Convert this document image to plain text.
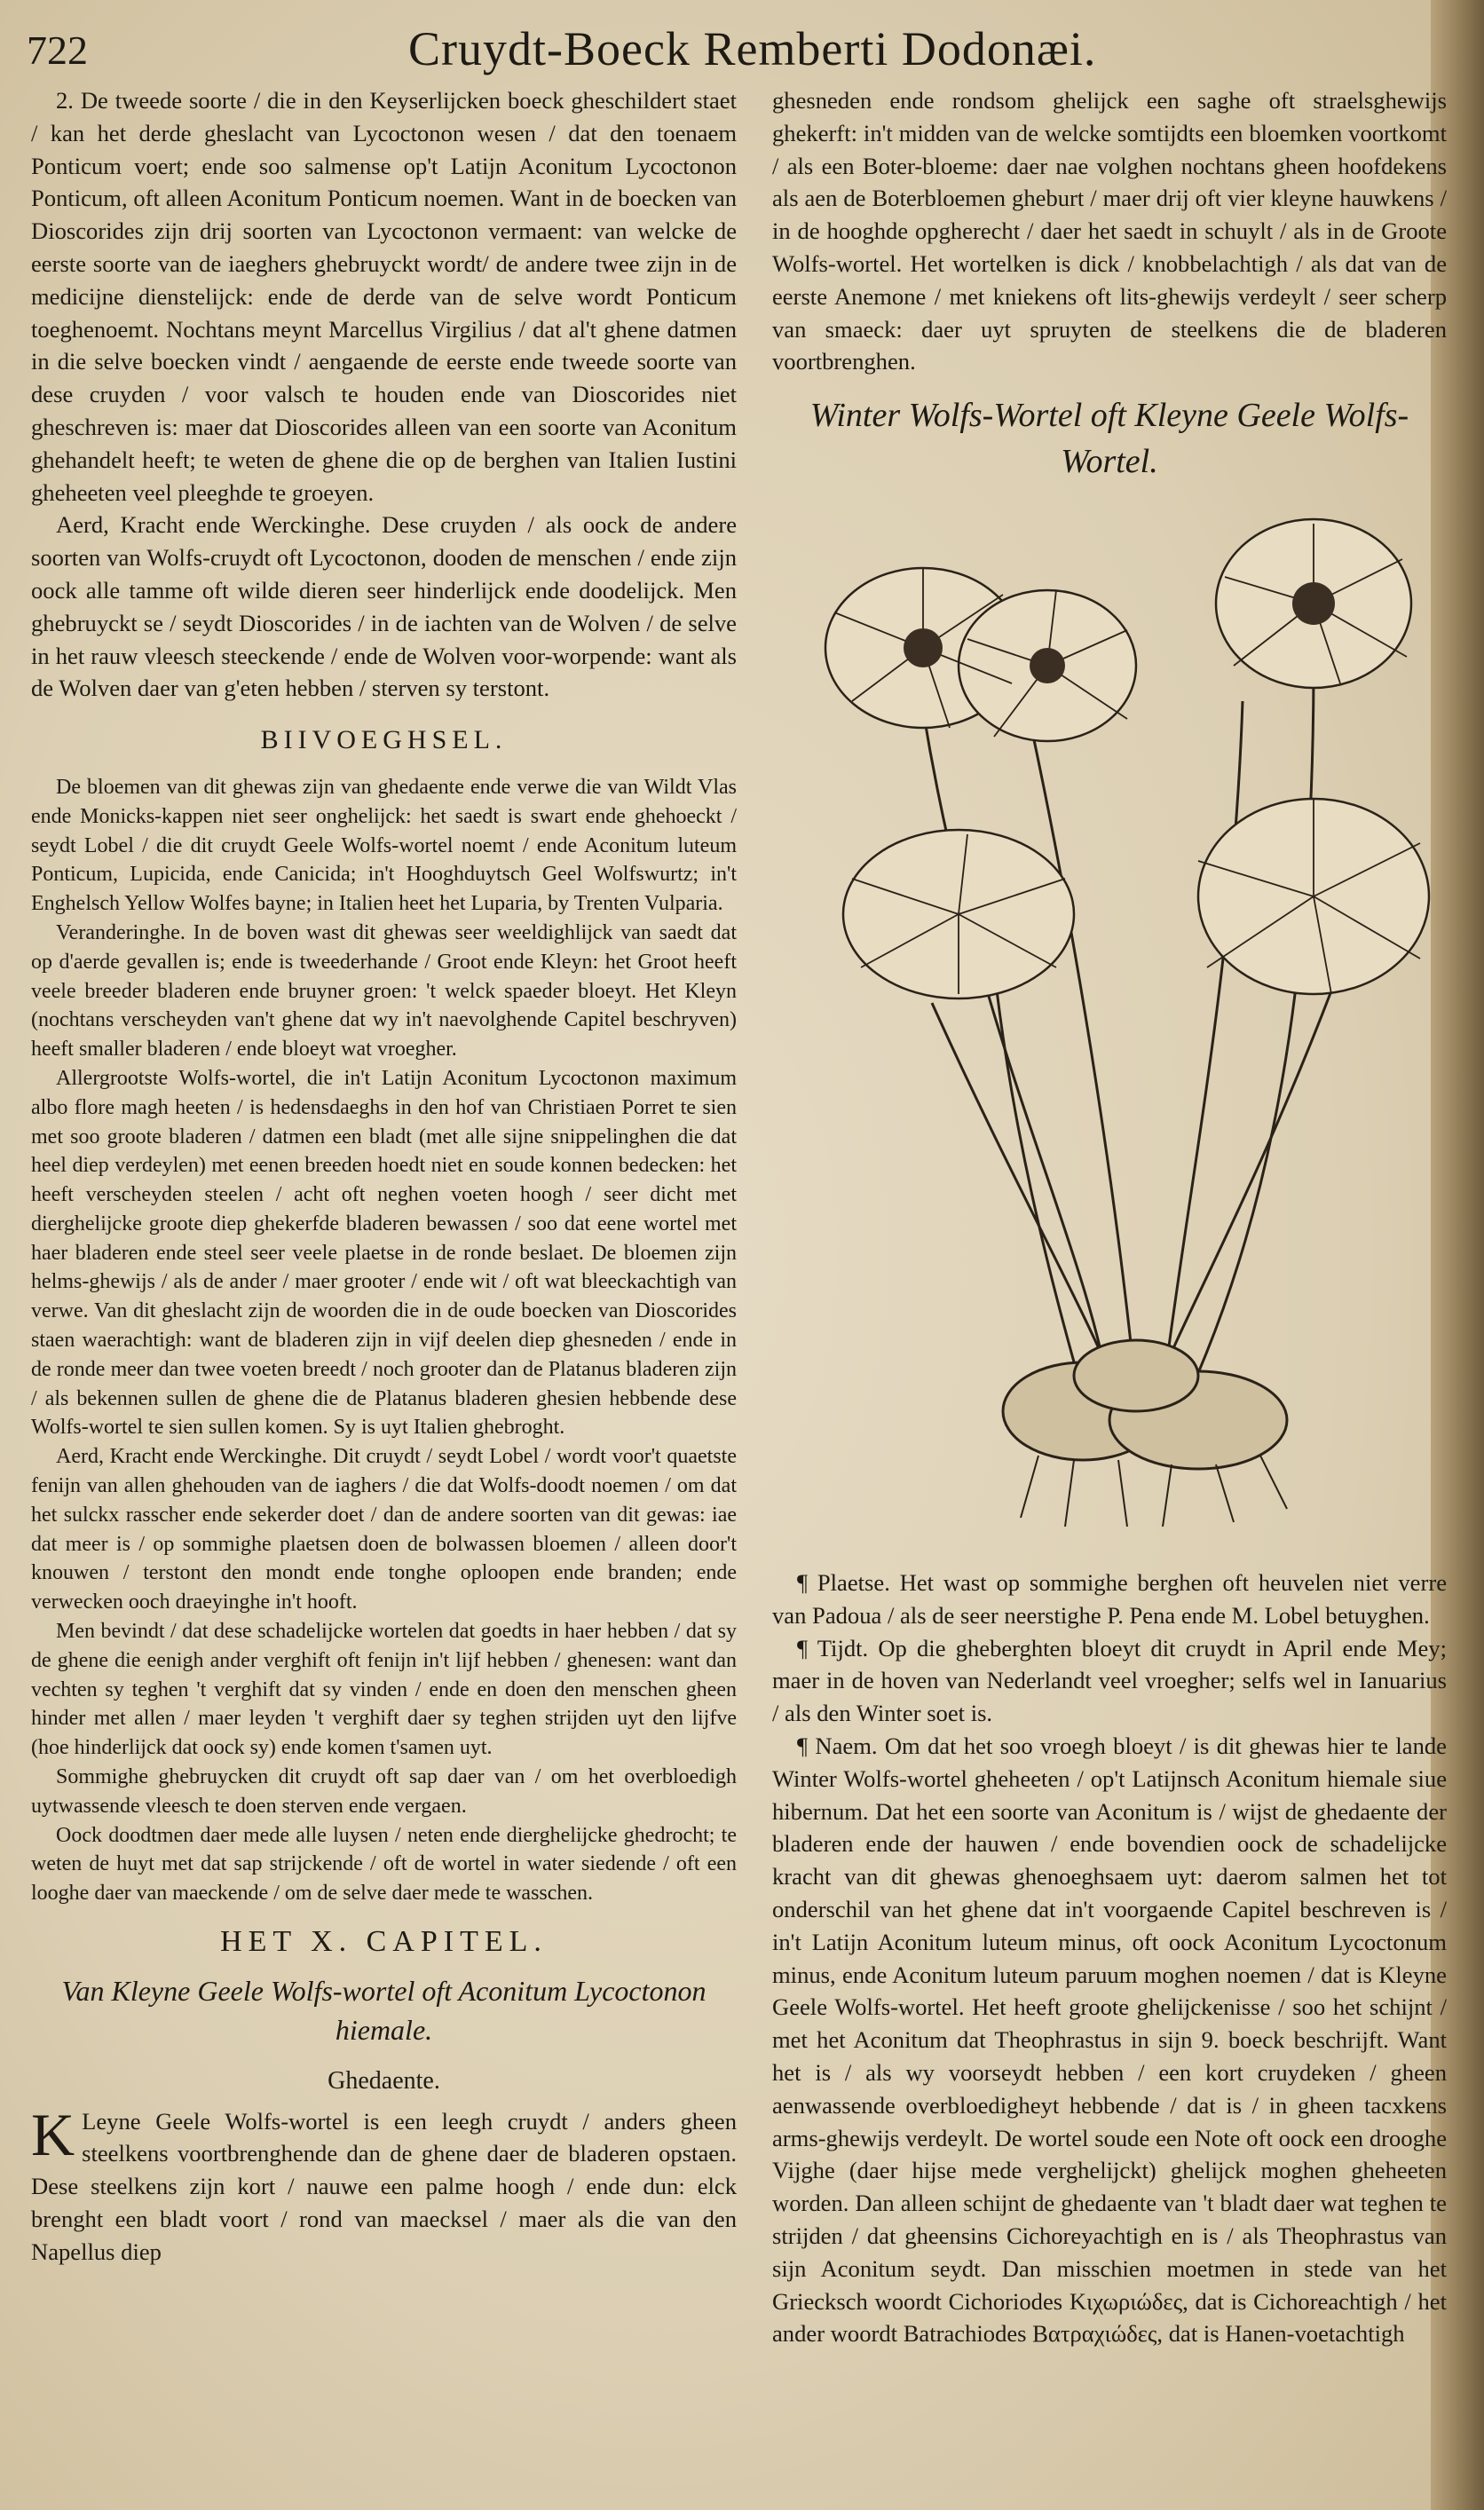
722	Cruydt-Boeck Remberti Dodonæi.

2. De tweede soorte / die in den Keyserlijcken boeck gheschildert staet / kan het derde gheslacht van Lycoctonon wesen / dat den toenaem Ponticum voert; ende soo salmense op't Latijn Aconitum Lycoctonon Ponticum, oft alleen Aconitum Ponticum noemen. Want in de boecken van Dioscorides zijn drij soorten van Lycoctonon vermaent: van welcke de eerste soorte van de iaeghers ghebruyckt wordt/ de andere twee zijn in de medicijne dienstelijck: ende de derde van de selve wordt Ponticum toeghenoemt. Nochtans meynt Marcellus Virgilius / dat al't ghene datmen in die selve boecken vindt / aengaende de eerste ende tweede soorte van dese cruyden / voor valsch te houden ende van Dioscorides niet gheschreven is: maer dat Dioscorides alleen van een soorte van Aconitum ghehandelt heeft; te weten de ghene die op de berghen van Italien Iustini gheheeten veel pleeghde te groeyen.

Aerd, Kracht ende Werckinghe. Dese cruyden / als oock de andere soorten van Wolfs-cruydt oft Lycoctonon, dooden de menschen / ende zijn oock alle tamme oft wilde dieren seer hinderlijck ende doodelijck. Men ghebruyckt se / seydt Dioscorides / in de iachten van de Wolven / de selve in het rauw vleesch steeckende / ende de Wolven voor-worpende: want als de Wolven daer van g'eten hebben / sterven sy terstont.

BIIVOEGHSEL.

De bloemen van dit ghewas zijn van ghedaente ende verwe die van Wildt Vlas ende Monicks-kappen niet seer onghelijck: het saedt is swart ende ghehoeckt / seydt Lobel / die dit cruydt Geele Wolfs-wortel noemt / ende Aconitum luteum Ponticum, Lupicida, ende Canicida; in't Hooghduytsch Geel Wolfswurtz; in't Enghelsch Yellow Wolfes bayne; in Italien heet het Luparia, by Trenten Vulparia.

Veranderinghe. In de boven wast dit ghewas seer weeldighlijck van saedt dat op d'aerde gevallen is; ende is tweederhande / Groot ende Kleyn: het Groot heeft veele breeder bladeren ende bruyner groen: 't welck spaeder bloeyt. Het Kleyn (nochtans verscheyden van't ghene dat wy in't naevolghende Capitel beschryven) heeft smaller bladeren / ende bloeyt wat vroegher.

Allergrootste Wolfs-wortel, die in't Latijn Aconitum Lycoctonon maximum albo flore magh heeten / is hedensdaeghs in den hof van Christiaen Porret te sien met soo groote bladeren / datmen een bladt (met alle sijne snippelinghen die dat heel diep verdeylen) met eenen breeden hoedt niet en soude konnen bedecken: het heeft verscheyden steelen / acht oft neghen voeten hoogh / seer dicht met dierghelijcke groote diep ghekerfde bladeren bewassen / soo dat eene wortel met haer bladeren ende steel seer veele plaetse in de ronde beslaet. De bloemen zijn helms-ghewijs / als de ander / maer grooter / ende wit / oft wat bleeckachtigh van verwe. Van dit gheslacht zijn de woorden die in de oude boecken van Dioscorides staen waerachtigh: want de bladeren zijn in vijf deelen diep ghesneden / ende in de ronde meer dan twee voeten breedt / noch grooter dan de Platanus bladeren zijn / als bekennen sullen de ghene die de Platanus bladeren ghesien hebbende dese Wolfs-wortel te sien sullen komen. Sy is uyt Italien ghebroght.

Aerd, Kracht ende Werckinghe. Dit cruydt / seydt Lobel / wordt voor't quaetste fenijn van allen ghehouden van de iaghers / die dat Wolfs-doodt noemen / om dat het sulckx rasscher ende sekerder doet / dan de andere soorten van dit gewas: iae dat meer is / op sommighe plaetsen doen de bolwassen bloemen / alleen door't knouwen / terstont den mondt ende tonghe oploopen ende branden; ende verwecken ooch draeyinghe in't hooft.

Men bevindt / dat dese schadelijcke wortelen dat goedts in haer hebben / dat sy de ghene die eenigh ander verghift oft fenijn in't lijf hebben / ghenesen: want dan vechten sy teghen 't verghift dat sy vinden / ende en doen den menschen gheen hinder met allen / maer leyden 't verghift daer sy teghen strijden uyt den lijfve (hoe hinderlijck dat oock sy) ende komen t'samen uyt.

Sommighe ghebruycken dit cruydt oft sap daer van / om het overbloedigh uytwassende vleesch te doen sterven ende vergaen.

Oock doodtmen daer mede alle luysen / neten ende dierghelijcke ghedrocht; te weten de huyt met dat sap strijckende / oft de wortel in water siedende / oft een looghe daer van maeckende / om de selve daer mede te wasschen.

HET X. CAPITEL.
Van Kleyne Geele Wolfs-wortel oft Aconitum Lycoctonon hiemale.
Ghedaente.

K Leyne Geele Wolfs-wortel is een leegh cruydt / anders gheen steelkens voortbrenghende dan de ghene daer de bladeren opstaen. Dese steelkens zijn kort / nauwe een palme hoogh / ende dun: elck brenght een bladt voort / rond van maecksel / maer als die van den Napellus diep

ghesneden ende rondsom ghelijck een saghe oft straelsghewijs ghekerft: in't midden van de welcke somtijdts een bloemken voortkomt / als een Boter-bloeme: daer nae volghen nochtans gheen hoofdekens als aen de Boterbloemen gheburt / maer drij oft vier kleyne hauwkens / in de hooghde opgherecht / daer het saedt in schuylt / als in de Groote Wolfs-wortel. Het wortelken is dick / knobbelachtigh / als dat van de eerste Anemone / met kniekens oft lits-ghewijs verdeylt / seer scherp van smaeck: daer uyt spruyten de steelkens die de bladeren voortbrenghen.

Winter Wolfs-Wortel oft Kleyne Geele Wolfs-Wortel.

¶ Plaetse. Het wast op sommighe berghen oft heuvelen niet verre van Padoua / als de seer neerstighe P. Pena ende M. Lobel betuyghen.

¶ Tijdt. Op die gheberghten bloeyt dit cruydt in April ende Mey; maer in de hoven van Nederlandt veel vroegher; selfs wel in Ianuarius / als den Winter soet is.

¶ Naem. Om dat het soo vroegh bloeyt / is dit ghewas hier te lande Winter Wolfs-wortel gheheeten / op't Latijnsch Aconitum hiemale siue hibernum. Dat het een soorte van Aconitum is / wijst de ghedaente der bladeren ende der hauwen / ende bovendien oock de schadelijcke kracht van dit ghewas ghenoeghsaem uyt: daerom salmen het tot onderschil van het ghene dat in't voorgaende Capitel beschreven is / in't Latijn Aconitum luteum minus, oft oock Aconitum Lycoctonum minus, ende Aconitum luteum paruum moghen noemen / dat is Kleyne Geele Wolfs-wortel. Het heeft groote ghelijckenisse / soo het schijnt / met het Aconitum dat Theophrastus in sijn 9. boeck beschrijft. Want het is / als wy voorseydt hebben / een kort cruydeken / gheen aenwassende overbloedigheyt hebbende / dat is / in gheen tacxkens arms-ghewijs verdeylt. De wortel soude een Note oft oock een drooghe Vijghe (daer hijse mede verghelijckt) ghelijck moghen gheheeten worden. Dan alleen schijnt de ghedaente van 't bladt daer wat teghen te strijden / dat gheensins Cichoreyachtigh en is / als Theophrastus van sijn Aconitum seydt. Dan misschien moetmen in stede van het Griecksch woordt Cichoriodes Κιχωριώδες, dat is Cichoreachtigh / het ander woordt Batrachiodes Βατραχιώδες, dat is Hanen-voetachtigh
